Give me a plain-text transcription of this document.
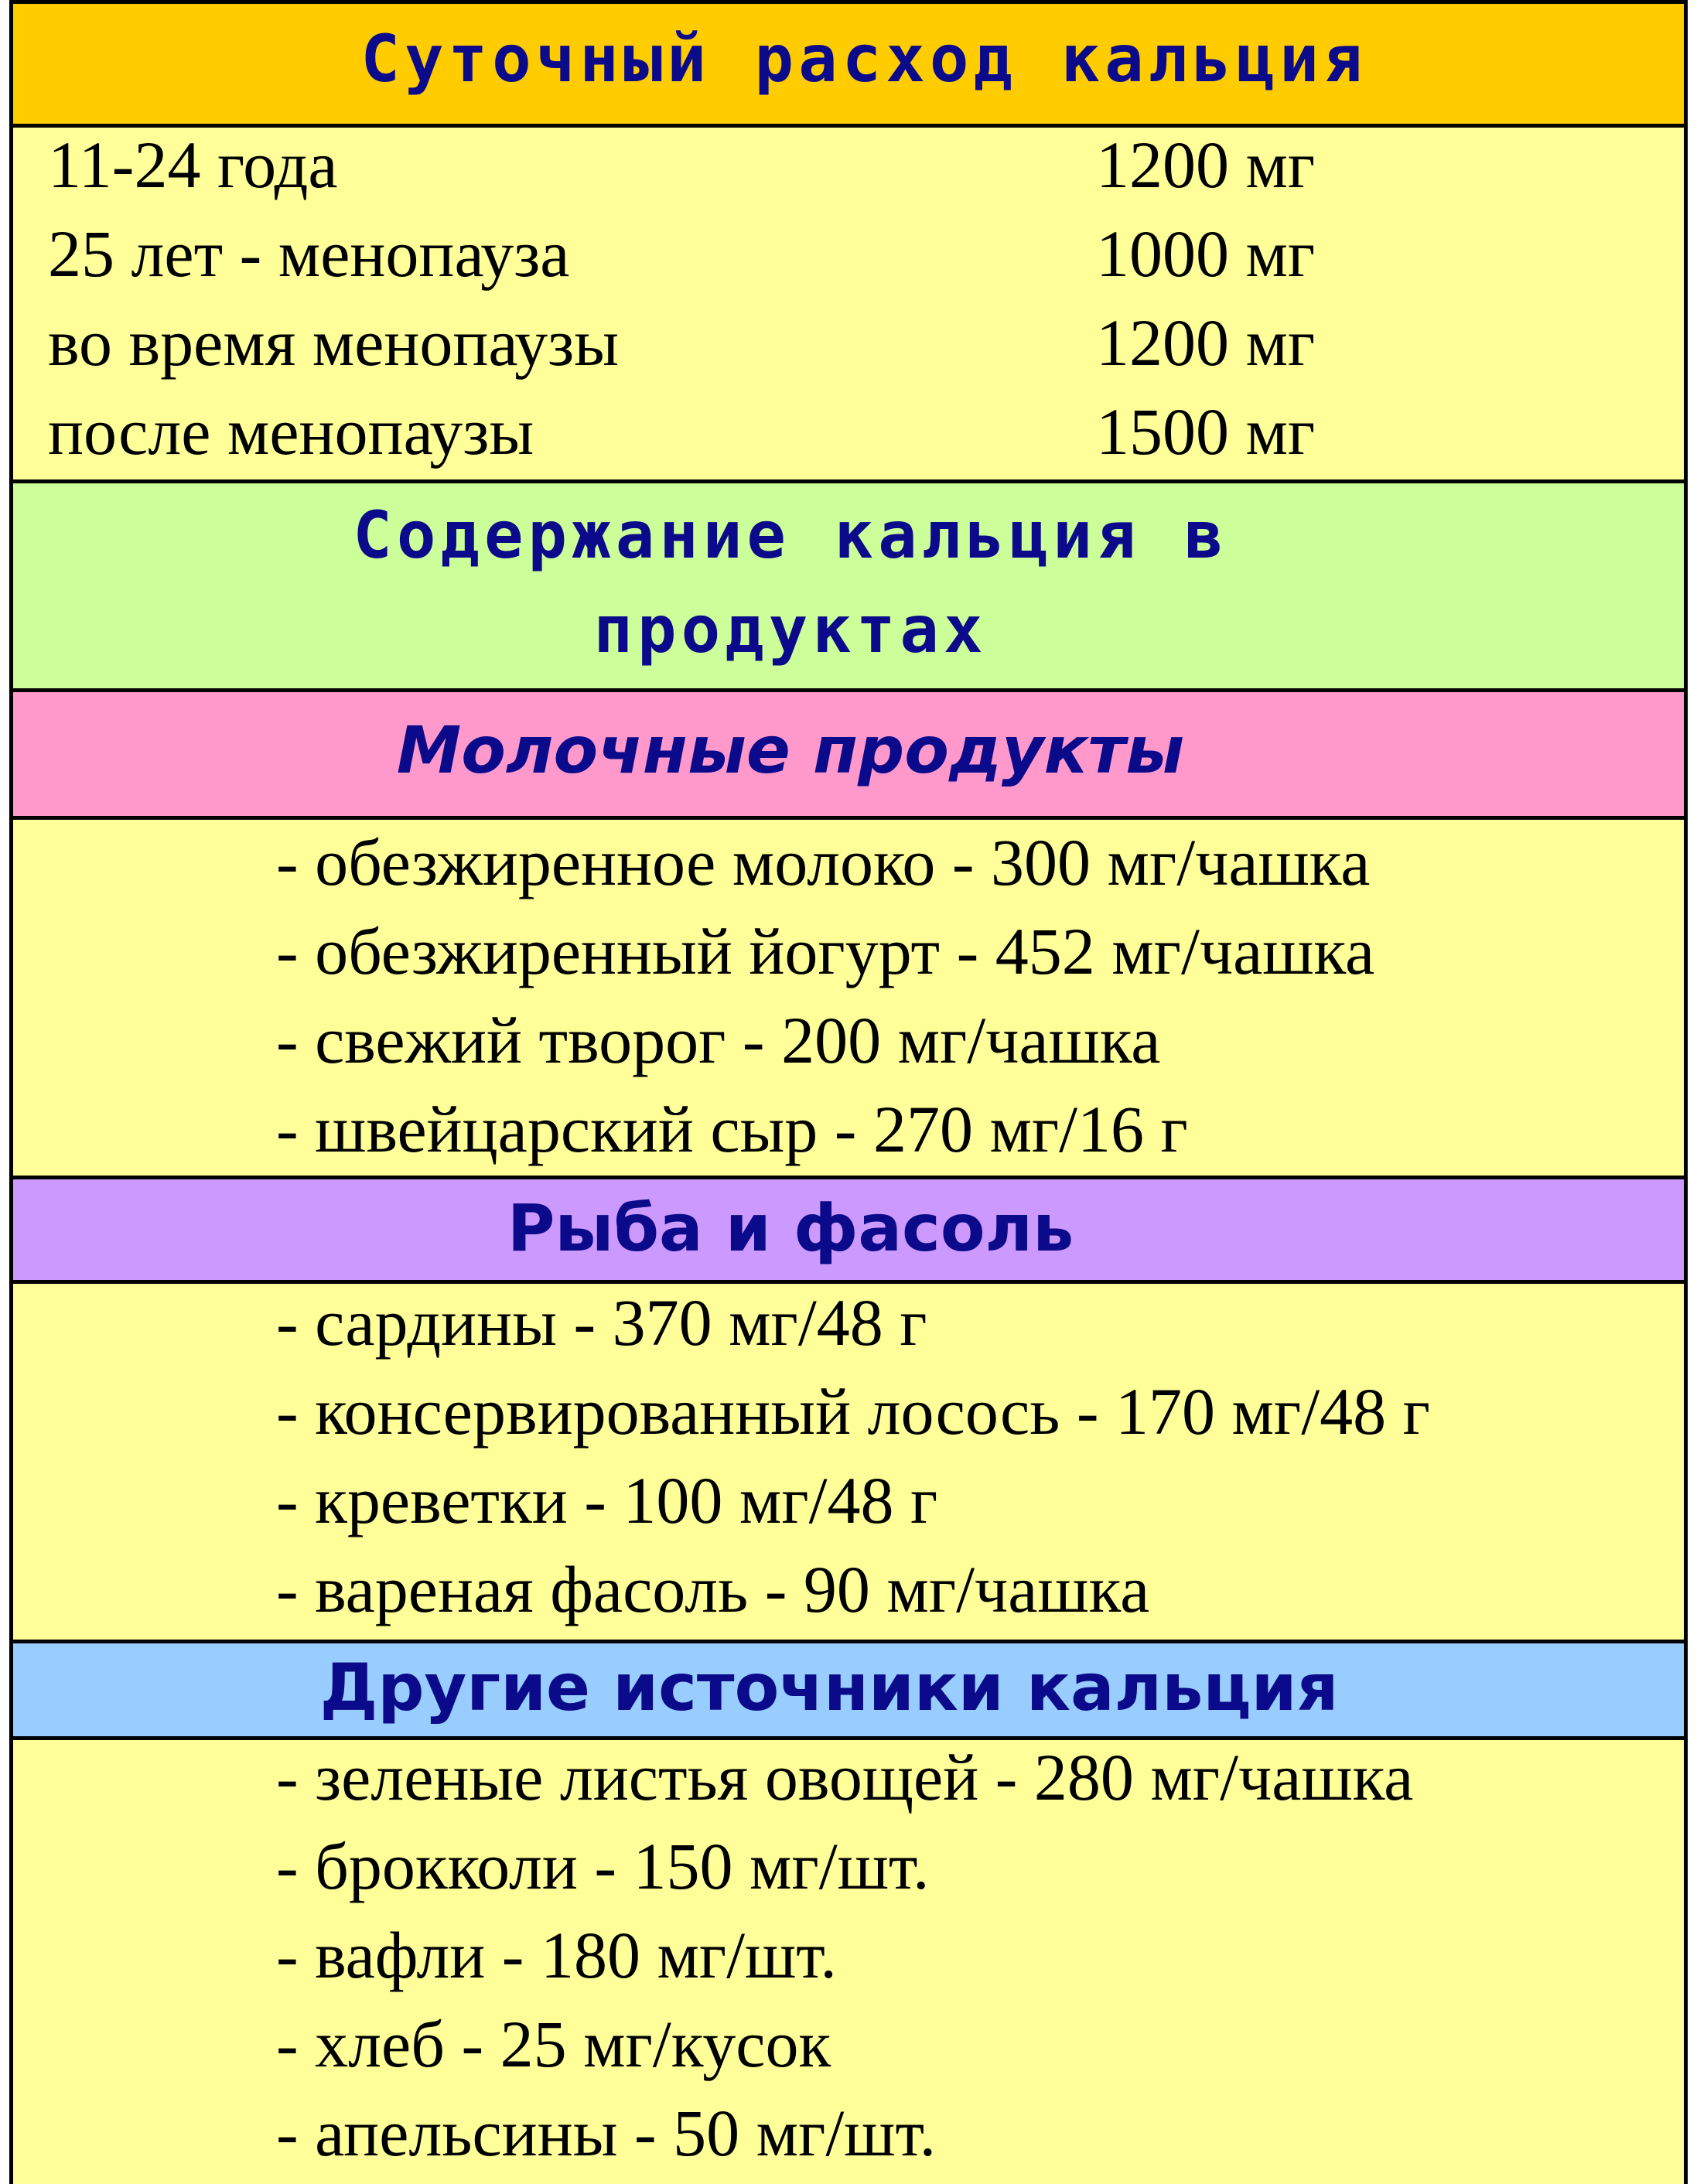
Суточный расход кальция
11-24 года	1200 мг
25 лет - менопауза	1000 мг
во время менопаузы	1200 мг
после менопаузы	1500 мг
Содержание кальция в
продуктах
Молочные продукты
- обезжиренное молоко - 300 мг/чашка
- обезжиренный йогурт - 452 мг/чашка
- свежий творог - 200 мг/чашка
- швейцарский сыр - 270 мг/16 г
Рыба и фасоль
- сардины - 370 мг/48 г
- консервированный лосось - 170 мг/48 г
- креветки - 100 мг/48 г
- вареная фасоль - 90 мг/чашка
Другие источники кальция
- зеленые листья овощей - 280 мг/чашка
- брокколи - 150 мг/шт.
- вафли - 180 мг/шт.
- хлеб - 25 мг/кусок
- апельсины - 50 мг/шт.
